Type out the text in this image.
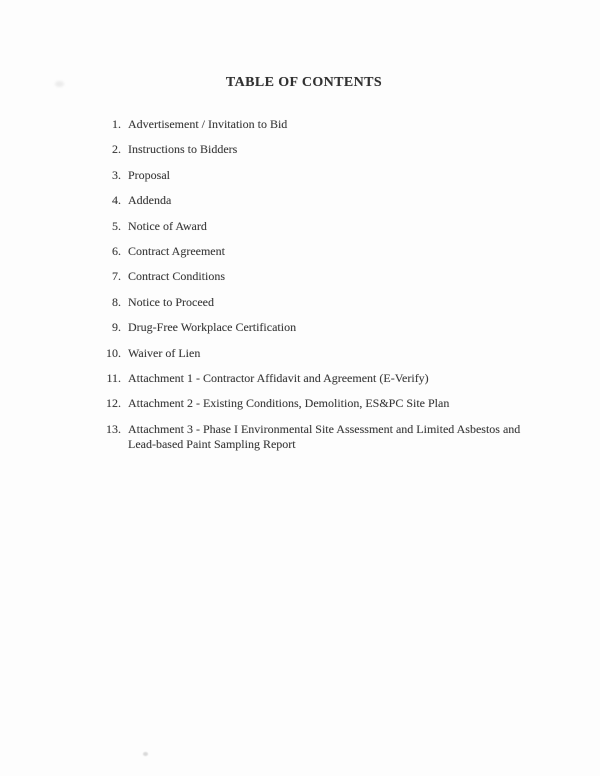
TABLE OF CONTENTS
1. Advertisement / Invitation to Bid
2. Instructions to Bidders
3. Proposal
4. Addenda
5. Notice of Award
6. Contract Agreement
7. Contract Conditions
8. Notice to Proceed
9. Drug-Free Workplace Certification
10. Waiver of Lien
11. Attachment 1 - Contractor Affidavit and Agreement (E-Verify)
12. Attachment 2 - Existing Conditions, Demolition, ES&PC Site Plan
13. Attachment 3 - Phase I Environmental Site Assessment and Limited Asbestos and Lead-based Paint Sampling Report
